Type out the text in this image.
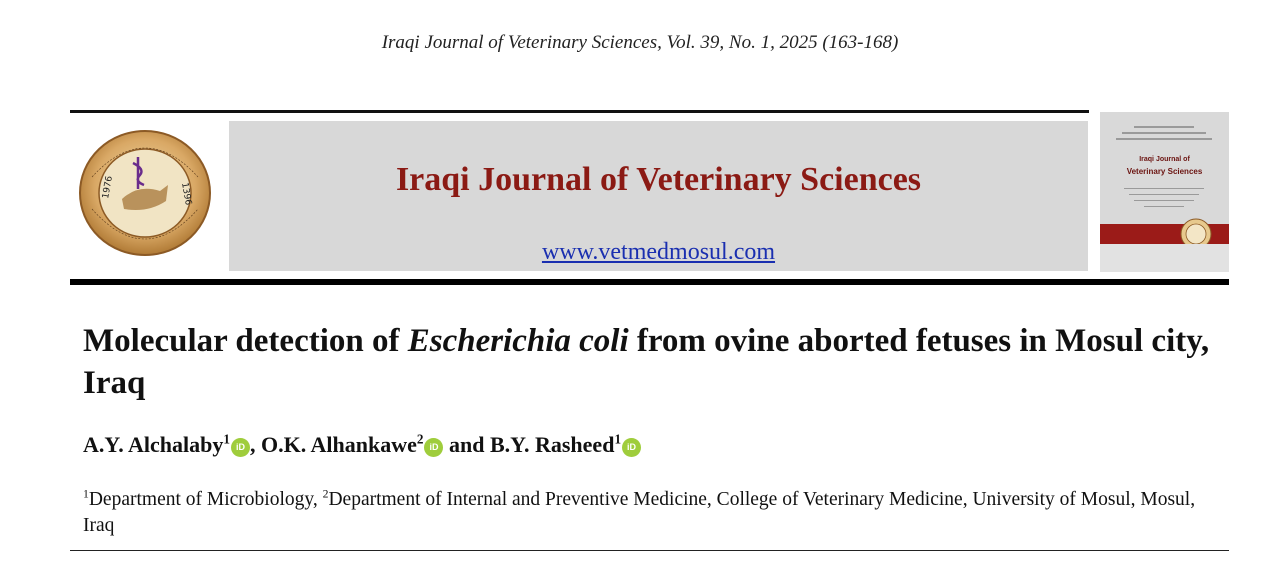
Iraqi Journal of Veterinary Sciences, Vol. 39, No. 1, 2025 (163-168)
1976	1396	Iraqi Journal of Veterinary Sciences
www.vetmedmosul.com
Iraqi Journal of
Veterinary Sciences
Molecular detection of Escherichia coli from ovine aborted fetuses in Mosul city, Iraq
A.Y. Alchalaby$^1$iD , O.K. Alhankawe$^2$iD and B.Y. Rasheed$^1$iD
$^1$Department of Microbiology, $^2$Department of Internal and Preventive Medicine, College of Veterinary Medicine, University of Mosul, Mosul, Iraq
